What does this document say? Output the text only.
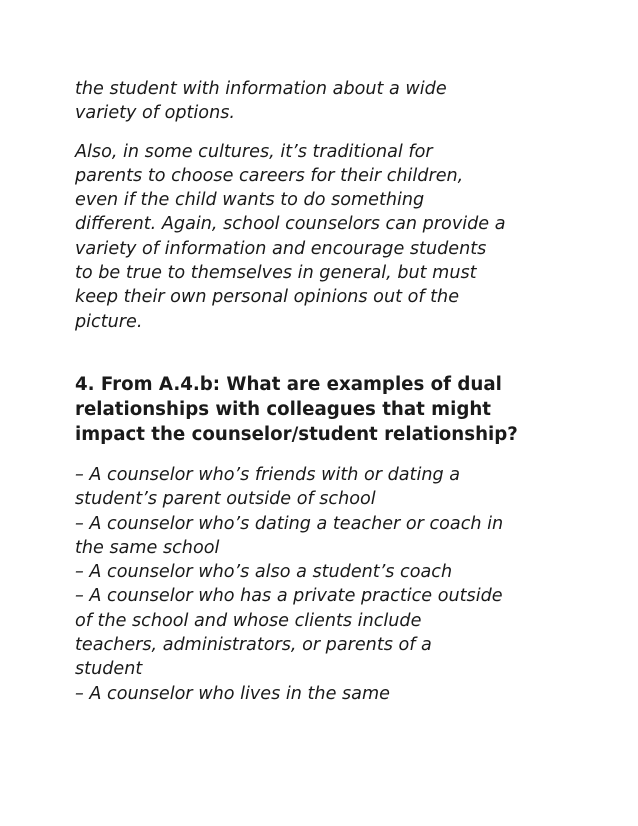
the student with information about a wide
variety of options.

Also, in some cultures, it’s traditional for
parents to choose careers for their children,
even if the child wants to do something
different. Again, school counselors can provide a
variety of information and encourage students
to be true to themselves in general, but must
keep their own personal opinions out of the
picture.

4. From A.4.b: What are examples of dual
relationships with colleagues that might
impact the counselor/student relationship?
– A counselor who’s friends with or dating a
student’s parent outside of school
– A counselor who’s dating a teacher or coach in
the same school
– A counselor who’s also a student’s coach
– A counselor who has a private practice outside
of the school and whose clients include
teachers, administrators, or parents of a
student
– A counselor who lives in the same
